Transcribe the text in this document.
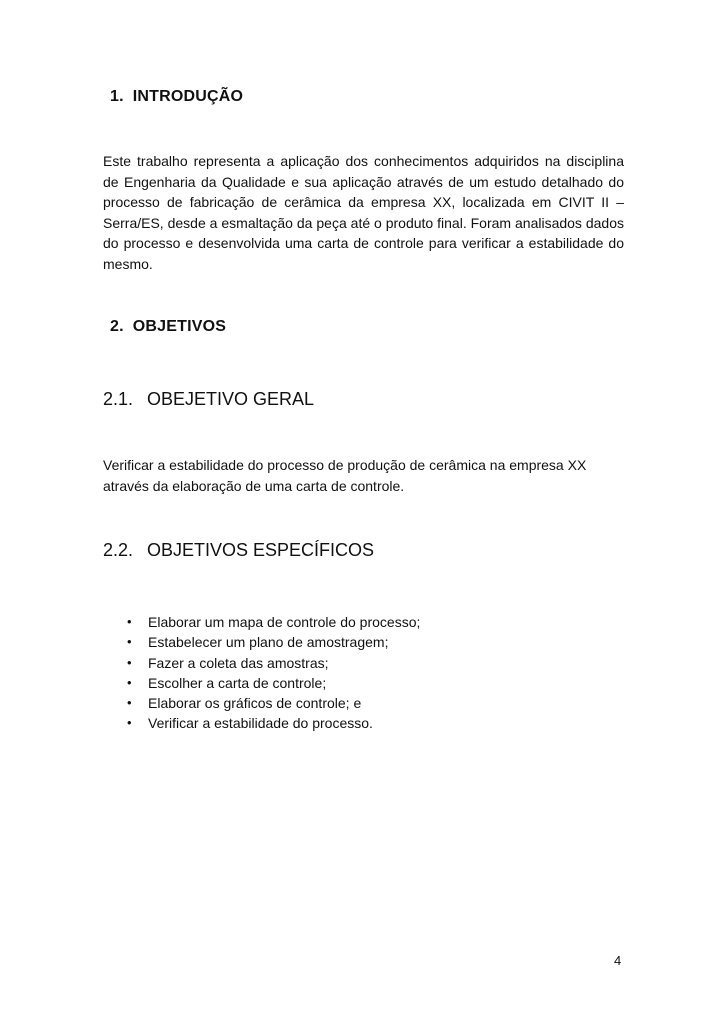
1. INTRODUÇÃO

Este trabalho representa a aplicação dos conhecimentos adquiridos na disciplina de Engenharia da Qualidade e sua aplicação através de um estudo detalhado do processo de fabricação de cerâmica da empresa XX, localizada em CIVIT II – Serra/ES, desde a esmaltação da peça até o produto final. Foram analisados dados do processo e desenvolvida uma carta de controle para verificar a estabilidade do mesmo.

2. OBJETIVOS
2.1. OBEJETIVO GERAL

Verificar a estabilidade do processo de produção de cerâmica na empresa XX através da elaboração de uma carta de controle.

2.2. OBJETIVOS ESPECÍFICOS
•	Elaborar um mapa de controle do processo;
•	Estabelecer um plano de amostragem;
•	Fazer a coleta das amostras;
•	Escolher a carta de controle;
•	Elaborar os gráficos de controle; e
•	Verificar a estabilidade do processo.
4
